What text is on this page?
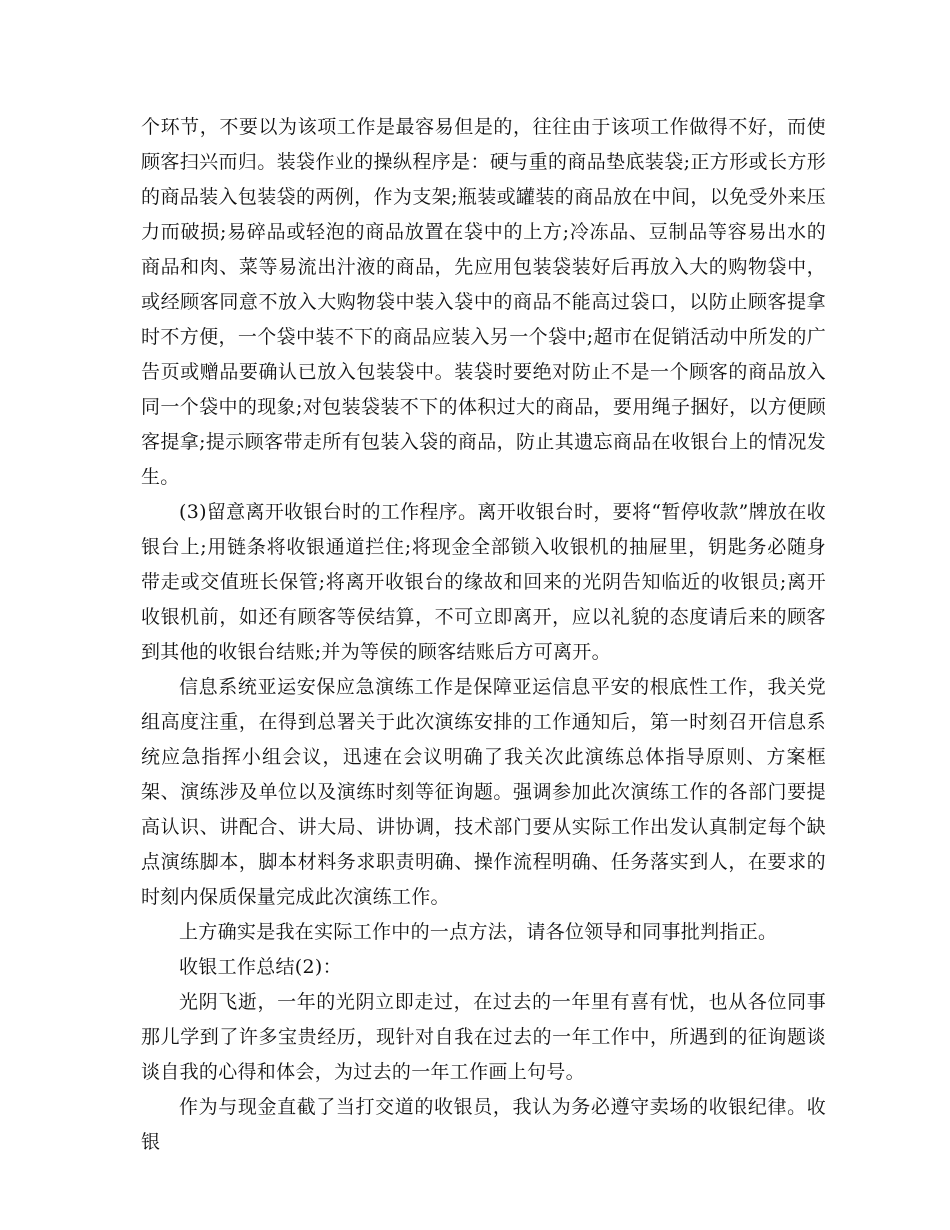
个环节，不要以为该项工作是最容易但是的，往往由于该项工作做得不好，而使顾客扫兴而归。装袋作业的操纵程序是：硬与重的商品垫底装袋;正方形或长方形的商品装入包装袋的两例，作为支架;瓶装或罐装的商品放在中间，以免受外来压力而破损;易碎品或轻泡的商品放置在袋中的上方;冷冻品、豆制品等容易出水的商品和肉、菜等易流出汁液的商品，先应用包装袋装好后再放入大的购物袋中，或经顾客同意不放入大购物袋中装入袋中的商品不能高过袋口，以防止顾客提拿时不方便，一个袋中装不下的商品应装入另一个袋中;超市在促销活动中所发的广告页或赠品要确认已放入包装袋中。装袋时要绝对防止不是一个顾客的商品放入同一个袋中的现象;对包装袋装不下的体积过大的商品，要用绳子捆好，以方便顾客提拿;提示顾客带走所有包装入袋的商品，防止其遗忘商品在收银台上的情况发生。

(3)留意离开收银台时的工作程序。离开收银台时，要将“暂停收款”牌放在收银台上;用链条将收银通道拦住;将现金全部锁入收银机的抽屉里，钥匙务必随身带走或交值班长保管;将离开收银台的缘故和回来的光阴告知临近的收银员;离开收银机前，如还有顾客等侯结算，不可立即离开，应以礼貌的态度请后来的顾客到其他的收银台结账;并为等侯的顾客结账后方可离开。

信息系统亚运安保应急演练工作是保障亚运信息平安的根底性工作，我关党组高度注重，在得到总署关于此次演练安排的工作通知后，第一时刻召开信息系统应急指挥小组会议，迅速在会议明确了我关次此演练总体指导原则、方案框架、演练涉及单位以及演练时刻等征询题。强调参加此次演练工作的各部门要提高认识、讲配合、讲大局、讲协调，技术部门要从实际工作出发认真制定每个缺点演练脚本，脚本材料务求职责明确、操作流程明确、任务落实到人，在要求的时刻内保质保量完成此次演练工作。

上方确实是我在实际工作中的一点方法，请各位领导和同事批判指正。

收银工作总结(2)：

光阴飞逝，一年的光阴立即走过，在过去的一年里有喜有忧，也从各位同事那儿学到了许多宝贵经历，现针对自我在过去的一年工作中，所遇到的征询题谈谈自我的心得和体会，为过去的一年工作画上句号。

作为与现金直截了当打交道的收银员，我认为务必遵守卖场的收银纪律。收银
